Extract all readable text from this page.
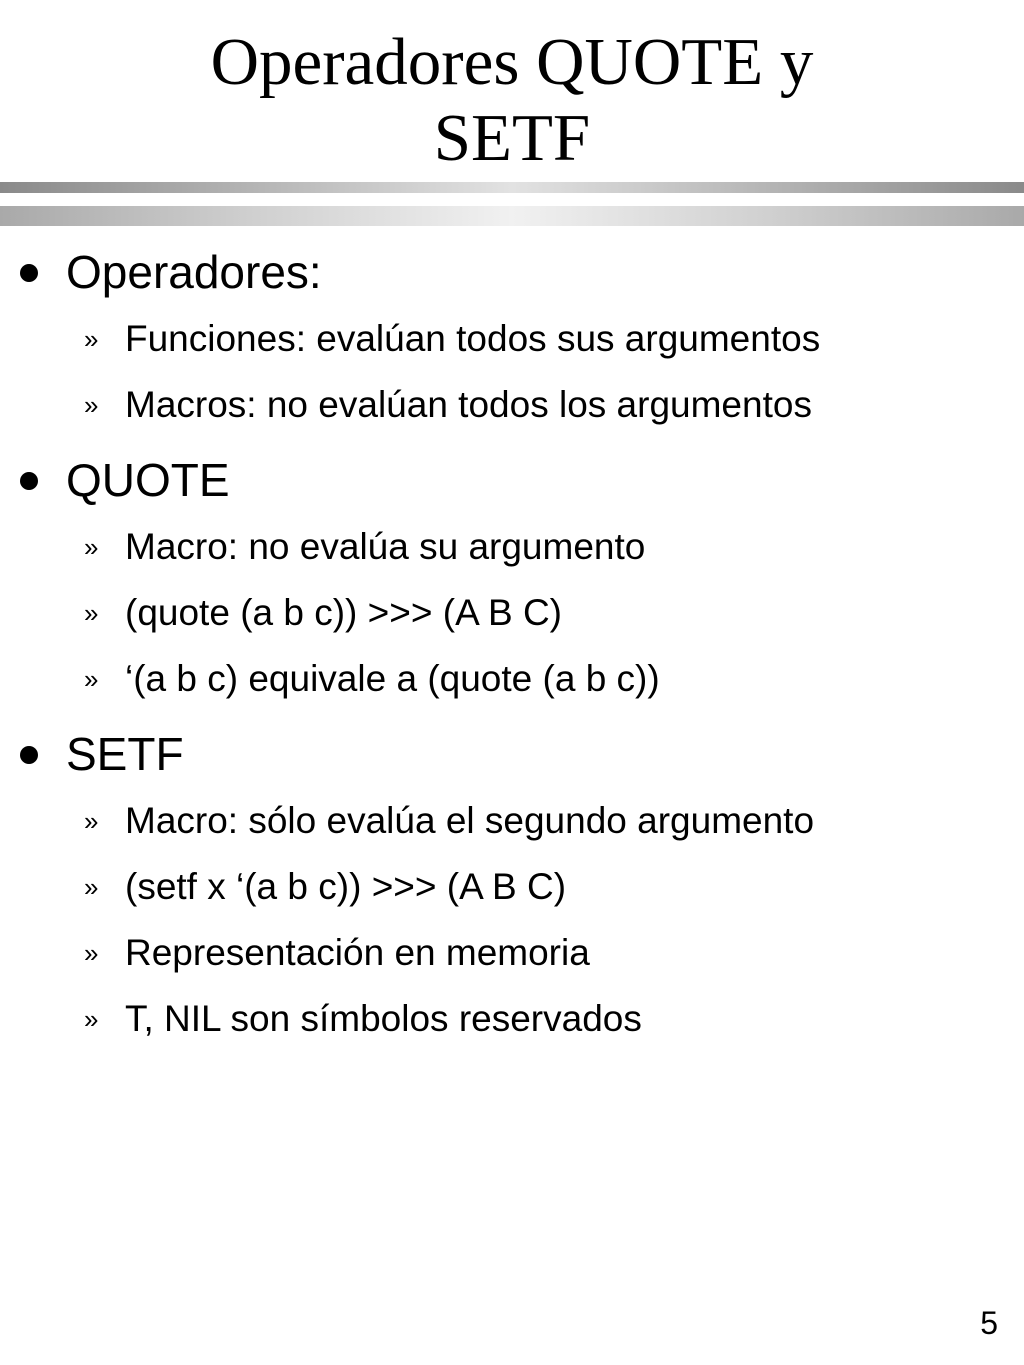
Operadores QUOTE y
SETF
Operadores:
» Funciones: evalúan todos sus argumentos
» Macros: no evalúan todos los argumentos
QUOTE
» Macro: no evalúa su argumento
» (quote (a b c)) >>> (A B C)
» ‘(a b c) equivale a (quote (a b c))
SETF
» Macro: sólo evalúa el segundo argumento
» (setf x ‘(a b c)) >>> (A B C)
» Representación en memoria
» T, NIL son símbolos reservados
5
